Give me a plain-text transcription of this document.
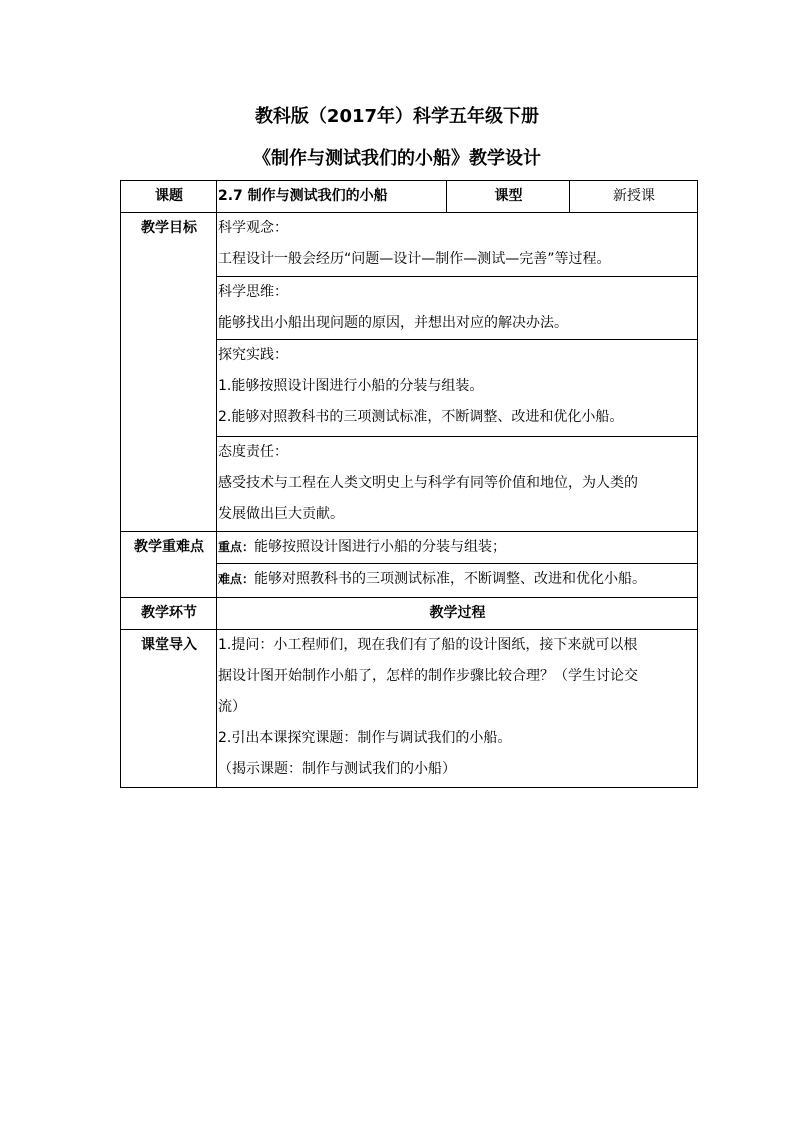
教科版（2017年）科学五年级下册
《制作与测试我们的小船》教学设计
课题	2.7 制作与测试我们的小船	课型	新授课
教学目标	科学观念：
工程设计一般会经历“问题—设计—制作—测试—完善”等过程。		

	科学思维：
能够找出小船出现问题的原因，并想出对应的解决办法。		

	探究实践：
1.能够按照设计图进行小船的分装与组装。
2.能够对照教科书的三项测试标准，不断调整、改进和优化小船。		

	态度责任：
感受技术与工程在人类文明史上与科学有同等价值和地位，为人类的
发展做出巨大贡献。		

教学重难点	重点：能够按照设计图进行小船的分装与组装；		

	难点：能够对照教科书的三项测试标准，不断调整、改进和优化小船。		

教学环节	教学过程		
课堂导入	1.提问：小工程师们，现在我们有了船的设计图纸，接下来就可以根
据设计图开始制作小船了，怎样的制作步骤比较合理？（学生讨论交
流）
2.引出本课探究课题：制作与调试我们的小船。
（揭示课题：制作与测试我们的小船）		
